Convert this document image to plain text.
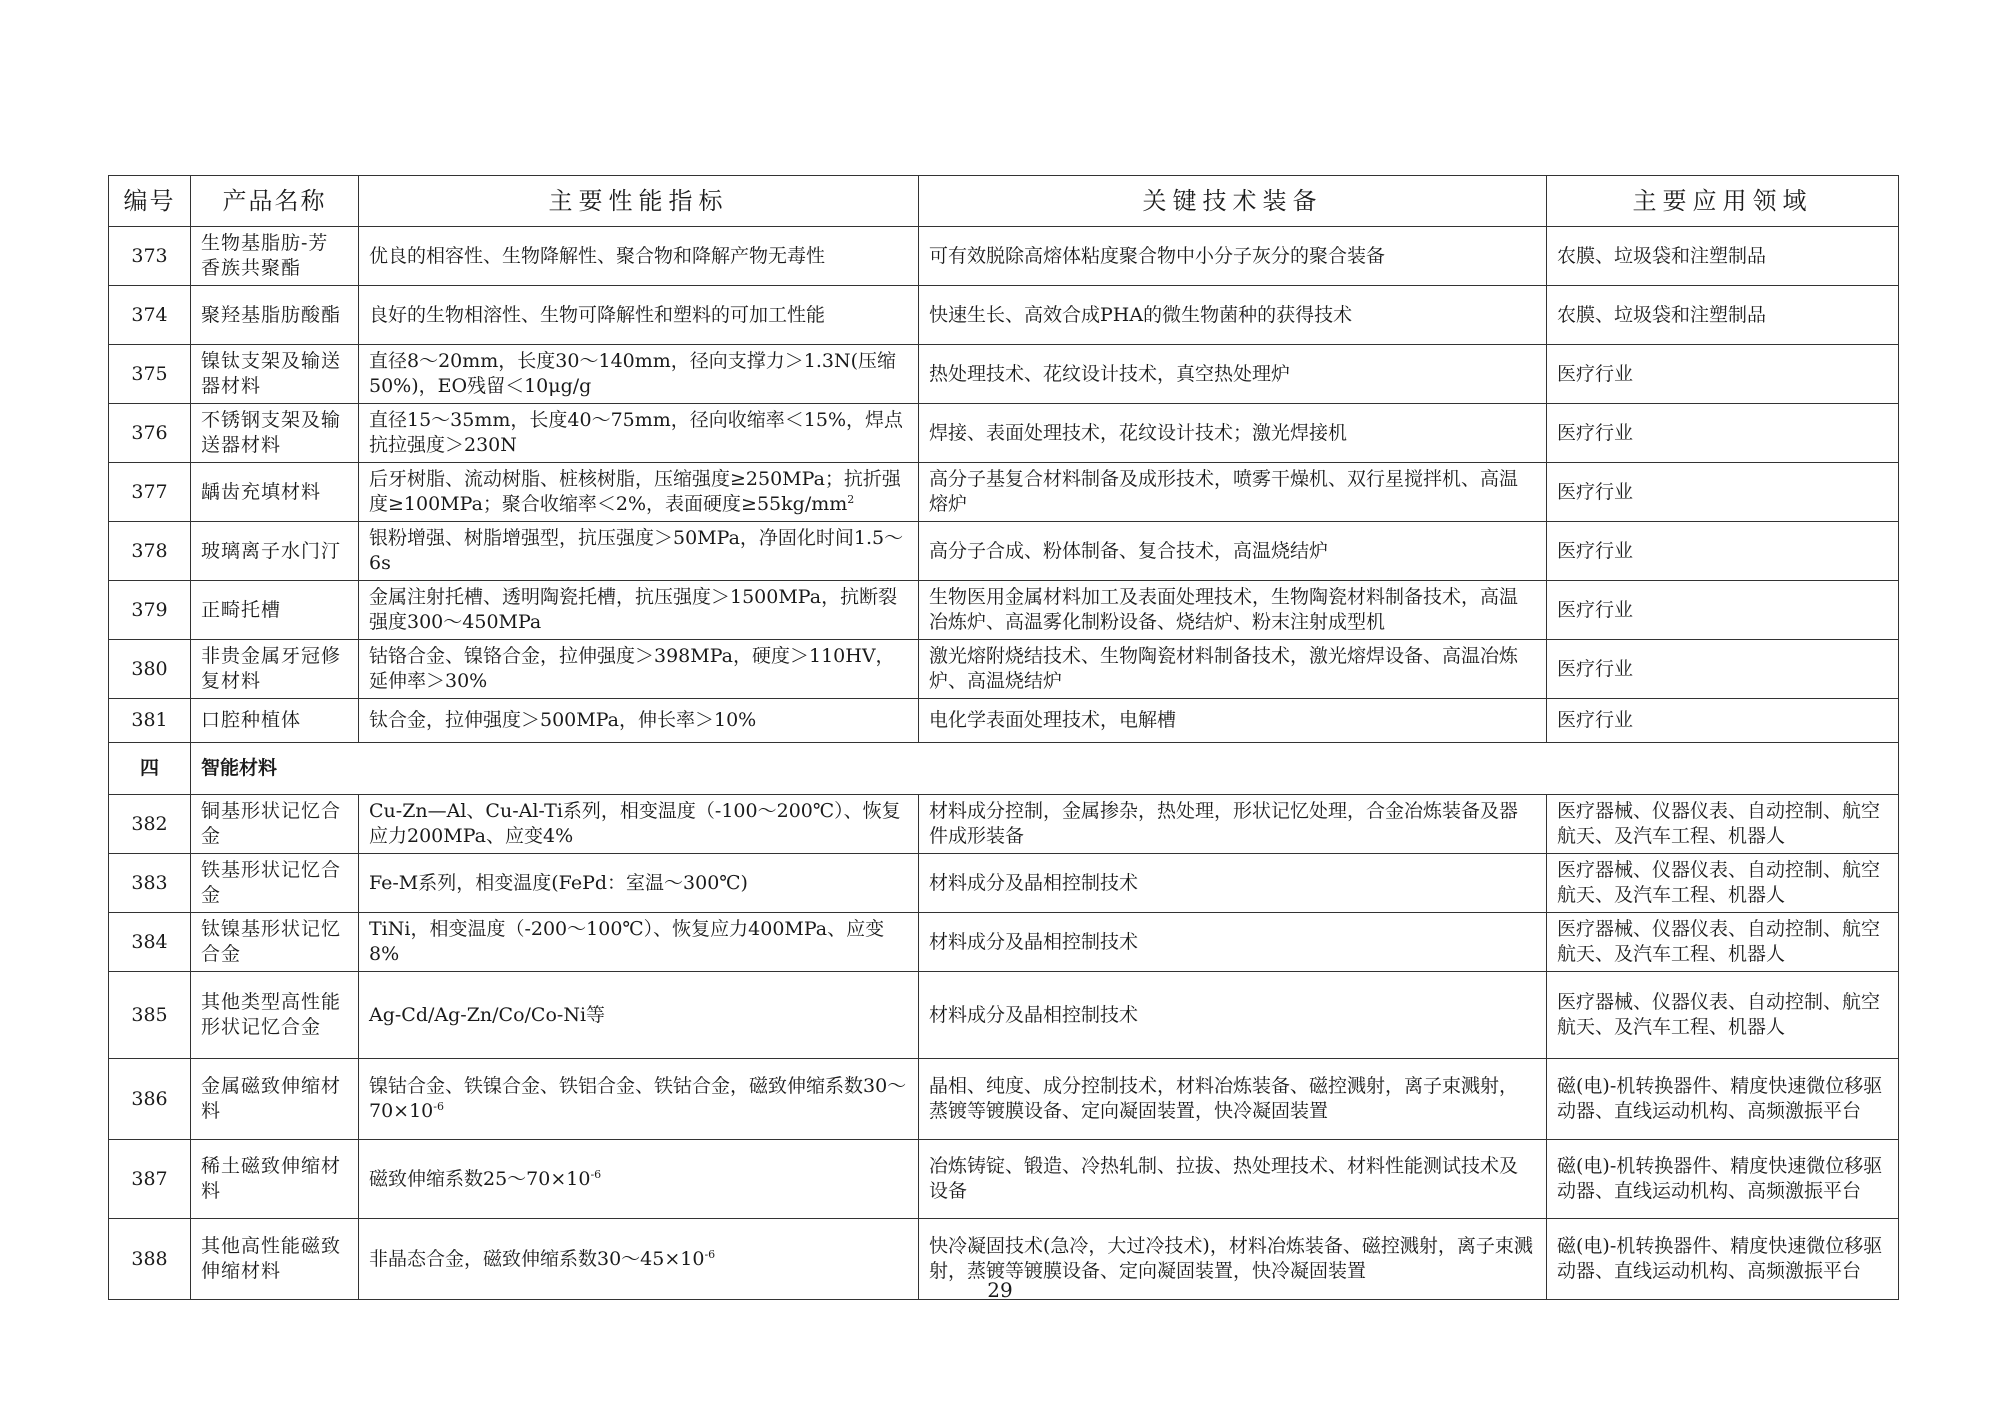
编号	产品名称	主要性能指标	关键技术装备	主要应用领域
373	生物基脂肪-芳香族共聚酯	优良的相容性、生物降解性、聚合物和降解产物无毒性	可有效脱除高熔体粘度聚合物中小分子灰分的聚合装备	农膜、垃圾袋和注塑制品
374	聚羟基脂肪酸酯	良好的生物相溶性、生物可降解性和塑料的可加工性能	快速生长、高效合成PHA的微生物菌种的获得技术	农膜、垃圾袋和注塑制品
375	镍钛支架及输送器材料	直径8～20mm，长度30～140mm，径向支撑力＞1.3N(压缩50%)，EO残留＜10μg/g	热处理技术、花纹设计技术，真空热处理炉	医疗行业
376	不锈钢支架及输送器材料	直径15～35mm，长度40～75mm，径向收缩率＜15%，焊点抗拉强度＞230N	焊接、表面处理技术，花纹设计技术；激光焊接机	医疗行业
377	龋齿充填材料	后牙树脂、流动树脂、桩核树脂，压缩强度≥250MPa；抗折强度≥100MPa；聚合收缩率＜2%，表面硬度$\ge 55kg/mm^2$	高分子基复合材料制备及成形技术，喷雾干燥机、双行星搅拌机、高温熔炉	医疗行业
378	玻璃离子水门汀	银粉增强、树脂增强型，抗压强度＞50MPa，净固化时间1.5～6s	高分子合成、粉体制备、复合技术，高温烧结炉	医疗行业
379	正畸托槽	金属注射托槽、透明陶瓷托槽，抗压强度＞1500MPa，抗断裂强度300～450MPa	生物医用金属材料加工及表面处理技术，生物陶瓷材料制备技术，高温冶炼炉、高温雾化制粉设备、烧结炉、粉末注射成型机	医疗行业
380	非贵金属牙冠修复材料	钴铬合金、镍铬合金，拉伸强度＞398MPa，硬度＞110HV，延伸率＞30%	激光熔附烧结技术、生物陶瓷材料制备技术，激光熔焊设备、高温冶炼炉、高温烧结炉	医疗行业
381	口腔种植体	钛合金，拉伸强度＞500MPa，伸长率＞10%	电化学表面处理技术，电解槽	医疗行业
四	智能材料			
382	铜基形状记忆合金	Cu-Zn—Al、Cu-Al-Ti系列，相变温度（-100～200℃）、恢复应力200MPa、应变4%	材料成分控制，金属掺杂，热处理，形状记忆处理，合金冶炼装备及器件成形装备	医疗器械、仪器仪表、自动控制、航空航天、及汽车工程、机器人
383	铁基形状记忆合金	Fe-M系列，相变温度(FePd：室温～300℃)	材料成分及晶相控制技术	医疗器械、仪器仪表、自动控制、航空航天、及汽车工程、机器人
384	钛镍基形状记忆合金	TiNi，相变温度（-200～100℃）、恢复应力400MPa、应变8%	材料成分及晶相控制技术	医疗器械、仪器仪表、自动控制、航空航天、及汽车工程、机器人
385	其他类型高性能形状记忆合金	Ag-Cd/Ag-Zn/Co/Co-Ni等	材料成分及晶相控制技术	医疗器械、仪器仪表、自动控制、航空航天、及汽车工程、机器人
386	金属磁致伸缩材料	镍钴合金、铁镍合金、铁铝合金、铁钴合金，磁致伸缩系数$30\sim 70\times 10^{-6}$	晶相、纯度、成分控制技术，材料冶炼装备、磁控溅射，离子束溅射，蒸镀等镀膜设备、定向凝固装置，快冷凝固装置	磁(电)-机转换器件、精度快速微位移驱动器、直线运动机构、高频激振平台
387	稀土磁致伸缩材料	磁致伸缩系数$25\sim 70\times 10^{-6}$	冶炼铸锭、锻造、冷热轧制、拉拔、热处理技术、材料性能测试技术及设备	磁(电)-机转换器件、精度快速微位移驱动器、直线运动机构、高频激振平台
388	其他高性能磁致伸缩材料	非晶态合金，磁致伸缩系数$30\sim 45\times 10^{-6}$	快冷凝固技术(急冷，大过冷技术)，材料冶炼装备、磁控溅射，离子束溅射，蒸镀等镀膜设备、定向凝固装置，快冷凝固装置	磁(电)-机转换器件、精度快速微位移驱动器、直线运动机构、高频激振平台
29
